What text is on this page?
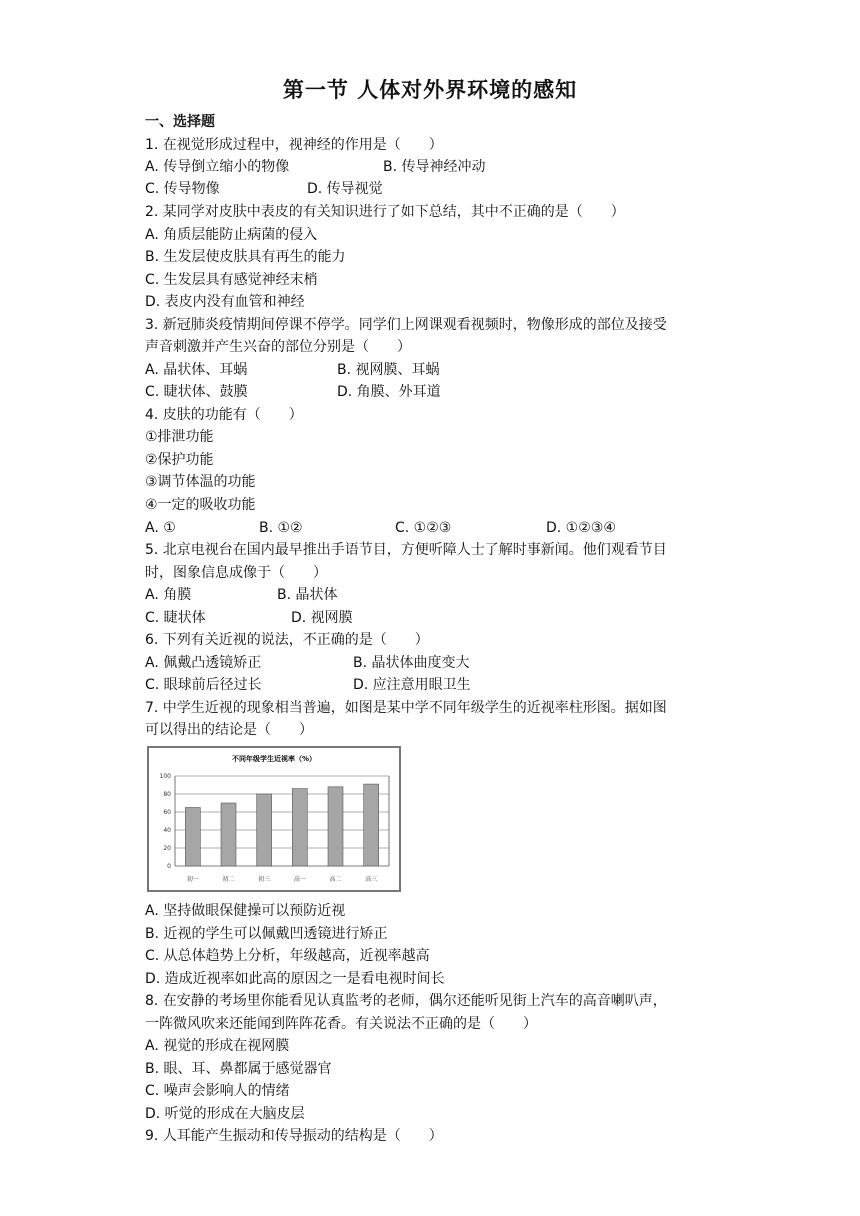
第一节 人体对外界环境的感知
一、选择题
1. 在视觉形成过程中，视神经的作用是（　　）
A. 传导倒立缩小的物像	B. 传导神经冲动
C. 传导物像	D. 传导视觉
2. 某同学对皮肤中表皮的有关知识进行了如下总结，其中不正确的是（　　）
A. 角质层能防止病菌的侵入
B. 生发层使皮肤具有再生的能力
C. 生发层具有感觉神经末梢
D. 表皮内没有血管和神经
3. 新冠肺炎疫情期间停课不停学。同学们上网课观看视频时，物像形成的部位及接受
声音刺激并产生兴奋的部位分别是（　　）
A. 晶状体、耳蜗	B. 视网膜、耳蜗
C. 睫状体、鼓膜	D. 角膜、外耳道
4. 皮肤的功能有（　　）
①排泄功能
②保护功能
③调节体温的功能
④一定的吸收功能
A. ①	B. ①②	C. ①②③	D. ①②③④
5. 北京电视台在国内最早推出手语节目，方便听障人士了解时事新闻。他们观看节目
时，图象信息成像于（　　）
A. 角膜	B. 晶状体
C. 睫状体	D. 视网膜
6. 下列有关近视的说法，不正确的是（　　）
A. 佩戴凸透镜矫正	B. 晶状体曲度变大
C. 眼球前后径过长	D. 应注意用眼卫生
7. 中学生近视的现象相当普遍，如图是某中学不同年级学生的近视率柱形图。据如图
可以得出的结论是（　　）
不同年级学生近视率（%）
0
20
40
60
80
100
初一	初二	初三	高一	高二	高三
A. 坚持做眼保健操可以预防近视
B. 近视的学生可以佩戴凹透镜进行矫正
C. 从总体趋势上分析，年级越高，近视率越高
D. 造成近视率如此高的原因之一是看电视时间长
8. 在安静的考场里你能看见认真监考的老师，偶尔还能听见街上汽车的高音喇叭声，
一阵微风吹来还能闻到阵阵花香。有关说法不正确的是（　　）
A. 视觉的形成在视网膜
B. 眼、耳、鼻都属于感觉器官
C. 噪声会影响人的情绪
D. 听觉的形成在大脑皮层
9. 人耳能产生振动和传导振动的结构是（　　）
